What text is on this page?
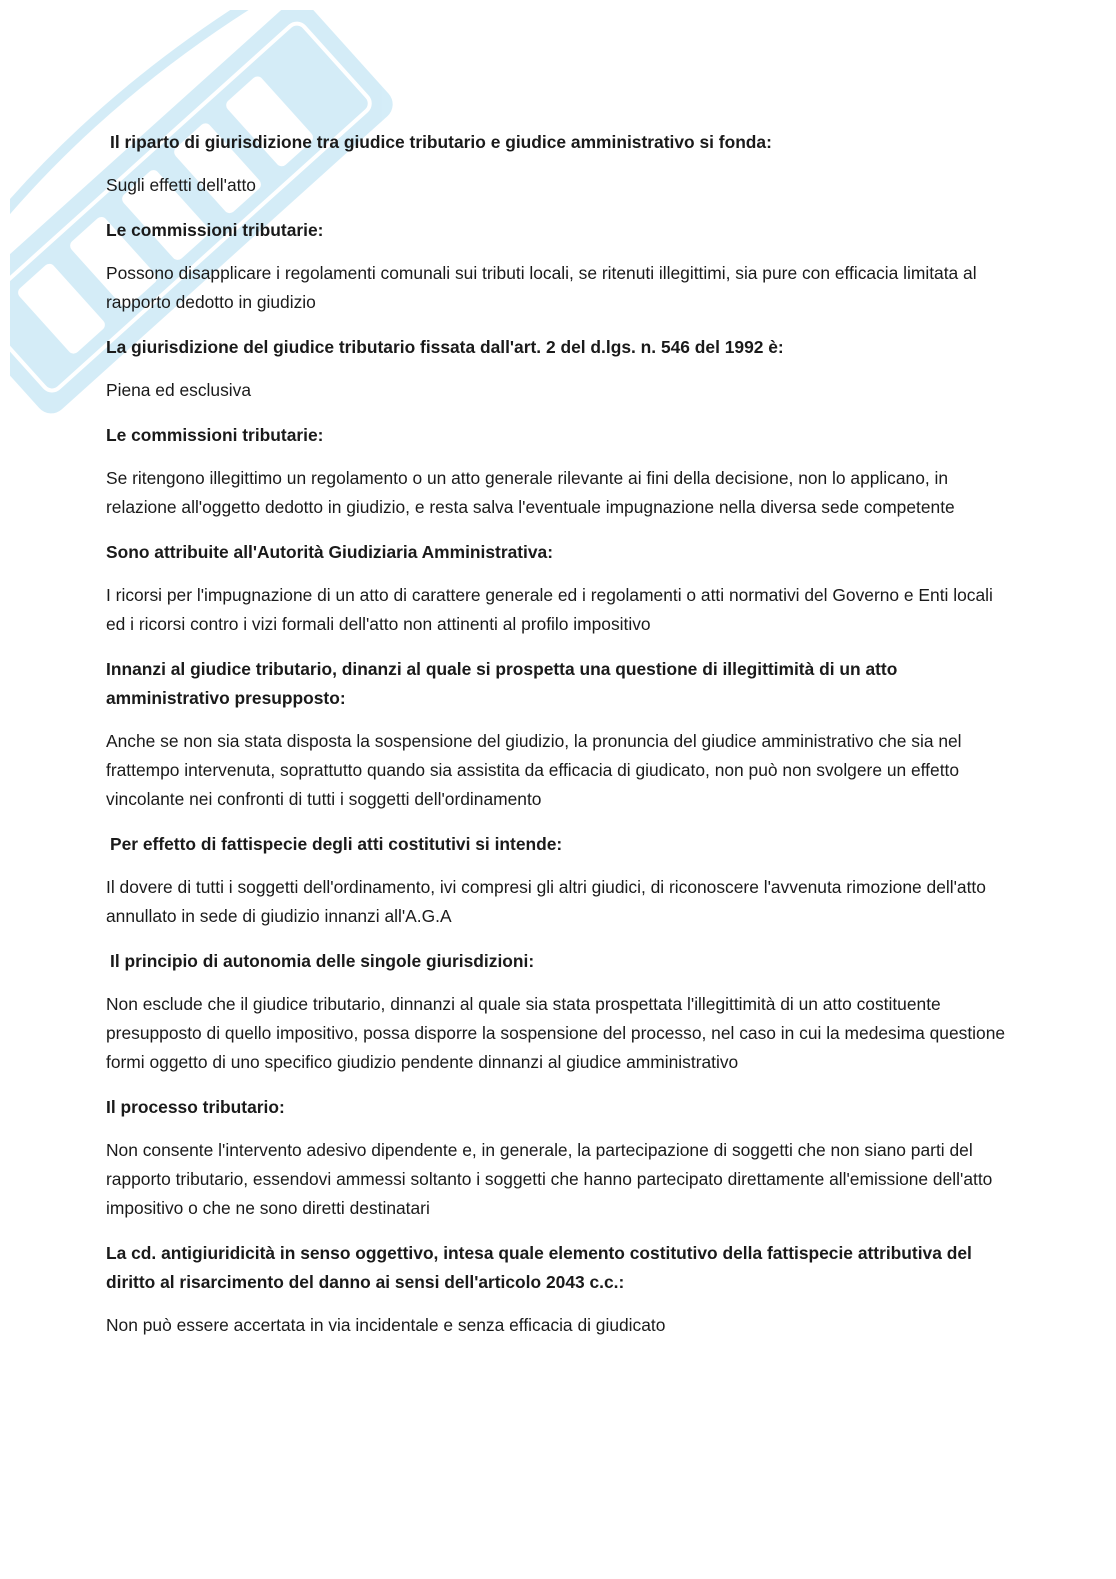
Il riparto di giurisdizione tra giudice tributario e giudice amministrativo si fonda:

Sugli effetti dell'atto

Le commissioni tributarie:

Possono disapplicare i regolamenti comunali sui tributi locali, se ritenuti illegittimi, sia pure con efficacia limitata al rapporto dedotto in giudizio

La giurisdizione del giudice tributario fissata dall'art. 2 del d.lgs. n. 546 del 1992 è:

Piena ed esclusiva

Le commissioni tributarie:

Se ritengono illegittimo un regolamento o un atto generale rilevante ai fini della decisione, non lo applicano, in relazione all'oggetto dedotto in giudizio, e resta salva l'eventuale impugnazione nella diversa sede competente

Sono attribuite all'Autorità Giudiziaria Amministrativa:

I ricorsi per l'impugnazione di un atto di carattere generale ed i regolamenti o atti normativi del Governo e Enti locali ed i ricorsi contro i vizi formali dell'atto non attinenti al profilo impositivo

Innanzi al giudice tributario, dinanzi al quale si prospetta una questione di illegittimità di un atto amministrativo presupposto:

Anche se non sia stata disposta la sospensione del giudizio, la pronuncia del giudice amministrativo che sia nel frattempo intervenuta, soprattutto quando sia assistita da efficacia di giudicato, non può non svolgere un effetto vincolante nei confronti di tutti i soggetti dell'ordinamento

Per effetto di fattispecie degli atti costitutivi si intende:

Il dovere di tutti i soggetti dell'ordinamento, ivi compresi gli altri giudici, di riconoscere l'avvenuta rimozione dell'atto annullato in sede di giudizio innanzi all'A.G.A

Il principio di autonomia delle singole giurisdizioni:

Non esclude che il giudice tributario, dinnanzi al quale sia stata prospettata l'illegittimità di un atto costituente presupposto di quello impositivo, possa disporre la sospensione del processo, nel caso in cui la medesima questione formi oggetto di uno specifico giudizio pendente dinnanzi al giudice amministrativo

Il processo tributario:

Non consente l'intervento adesivo dipendente e, in generale, la partecipazione di soggetti che non siano parti del rapporto tributario, essendovi ammessi soltanto i soggetti che hanno partecipato direttamente all'emissione dell'atto impositivo o che ne sono diretti destinatari

La cd. antigiuridicità in senso oggettivo, intesa quale elemento costitutivo della fattispecie attributiva del diritto al risarcimento del danno ai sensi dell'articolo 2043 c.c.:

Non può essere accertata in via incidentale e senza efficacia di giudicato
